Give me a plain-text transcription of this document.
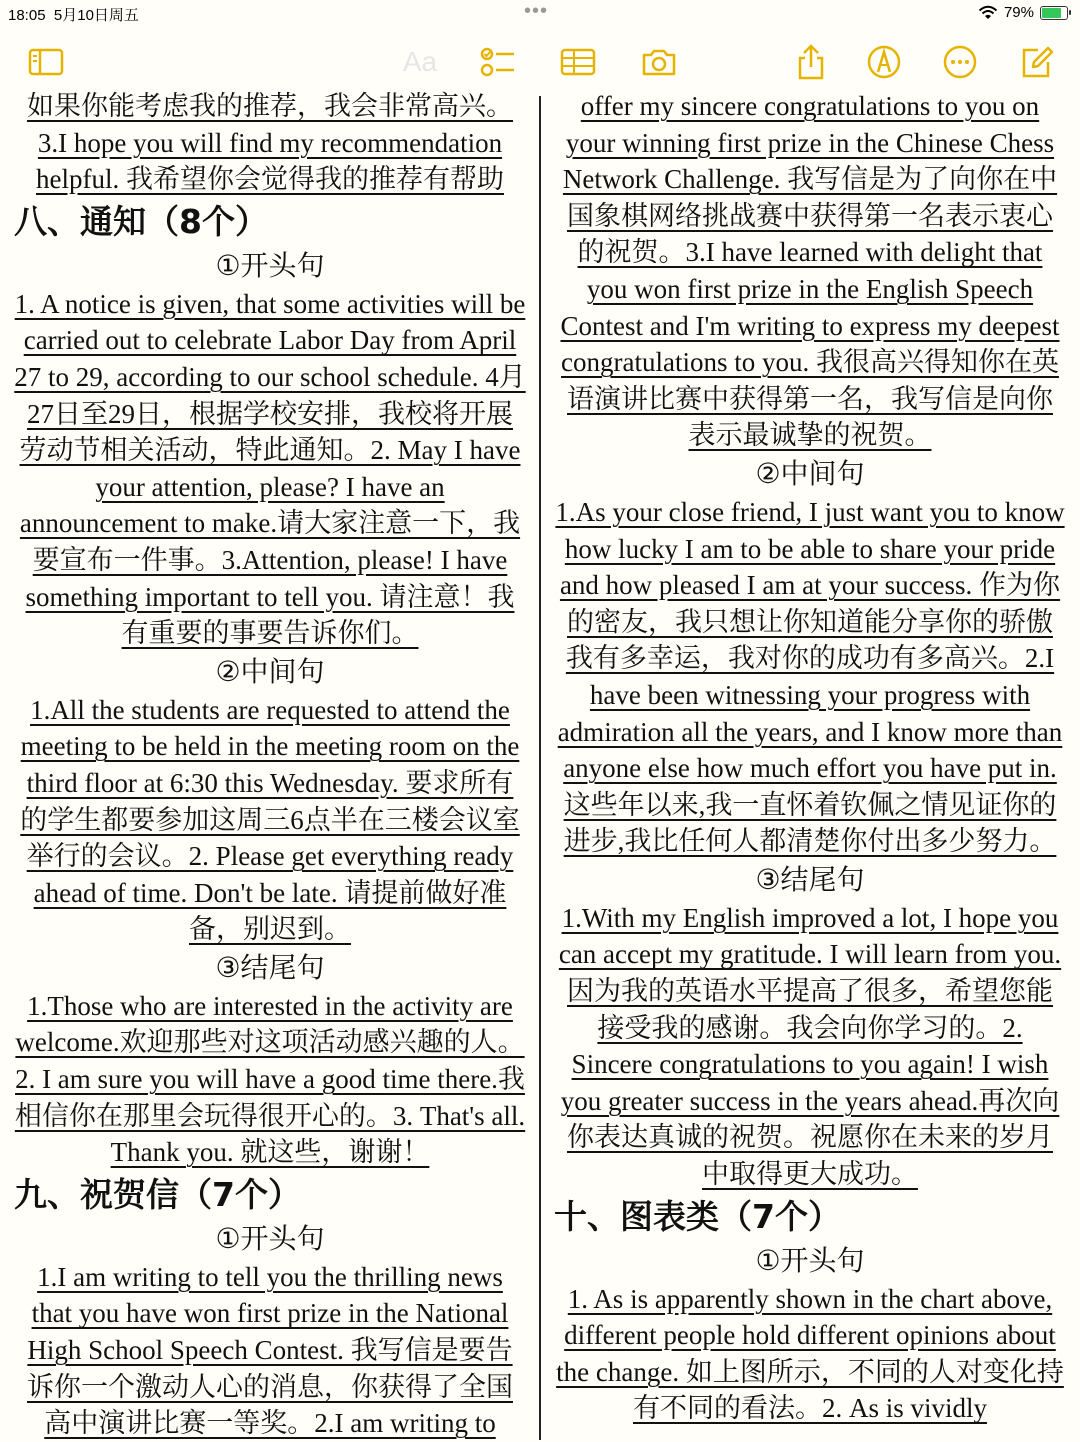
18:05 5月10日周五	•••	79%
Aa

如果你能考虑我的推荐，我会非常高兴。3.I hope you will find my recommendation helpful. 我希望你会觉得我的推荐有帮助

八、通知（8个）

①开头句

1. A notice is given, that some activities will be carried out to celebrate Labor Day from April 27 to 29, according to our school schedule. 4月27日至29日，根据学校安排，我校将开展劳动节相关活动，特此通知。2. May I have your attention, please? I have an announcement to make.请大家注意一下，我要宣布一件事。3.Attention, please! I have something important to tell you. 请注意！我有重要的事要告诉你们。

②中间句

1.All the students are requested to attend the meeting to be held in the meeting room on the third floor at 6:30 this Wednesday. 要求所有的学生都要参加这周三6点半在三楼会议室举行的会议。2. Please get everything ready ahead of time. Don't be late. 请提前做好准备，别迟到。

③结尾句

1.Those who are interested in the activity are welcome.欢迎那些对这项活动感兴趣的人。2. I am sure you will have a good time there.我相信你在那里会玩得很开心的。3. That's all. Thank you. 就这些，谢谢！

九、祝贺信（7个）

①开头句

1.I am writing to tell you the thrilling news that you have won first prize in the National High School Speech Contest. 我写信是要告诉你一个激动人心的消息，你获得了全国高中演讲比赛一等奖。2.I am writing to

offer my sincere congratulations to you on your winning first prize in the Chinese Chess Network Challenge. 我写信是为了向你在中国象棋网络挑战赛中获得第一名表示衷心的祝贺。3.I have learned with delight that you won first prize in the English Speech Contest and I'm writing to express my deepest congratulations to you. 我很高兴得知你在英语演讲比赛中获得第一名，我写信是向你表示最诚挚的祝贺。

②中间句

1.As your close friend, I just want you to know how lucky I am to be able to share your pride and how pleased I am at your success. 作为你的密友，我只想让你知道能分享你的骄傲我有多幸运，我对你的成功有多高兴。2.I have been witnessing your progress with admiration all the years, and I know more than anyone else how much effort you have put in. 这些年以来,我一直怀着钦佩之情见证你的进步,我比任何人都清楚你付出多少努力。

③结尾句

1.With my English improved a lot, I hope you can accept my gratitude. I will learn from you. 因为我的英语水平提高了很多，希望您能接受我的感谢。我会向你学习的。2. Sincere congratulations to you again! I wish you greater success in the years ahead.再次向你表达真诚的祝贺。祝愿你在未来的岁月中取得更大成功。

十、图表类（7个）

①开头句

1. As is apparently shown in the chart above, different people hold different opinions about the change. 如上图所示，不同的人对变化持有不同的看法。2. As is vividly
